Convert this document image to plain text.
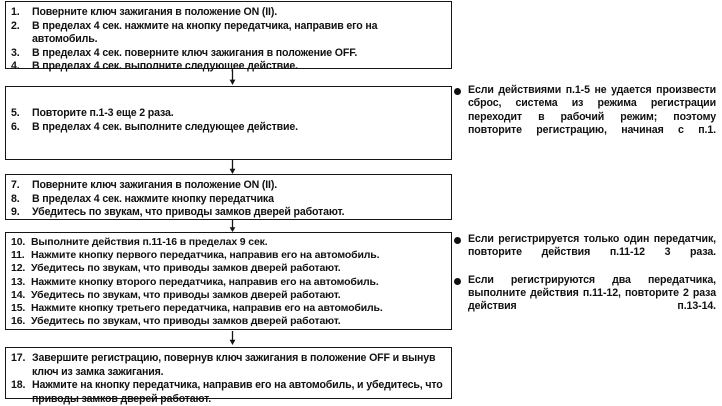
1.	Поверните ключ зажигания в положение ON (II).
2.	В пределах 4 сек. нажмите на кнопку передатчика, направив его на автомобиль.
3.	В пределах 4 сек. поверните ключ зажигания в положение OFF.
4.	В пределах 4 сек. выполните следующее действие.
5.	Повторите п.1-3 еще 2 раза.
6.	В пределах 4 сек. выполните следующее действие.
7.	Поверните ключ зажигания в положение ON (II).
8.	В пределах 4 сек. нажмите кнопку передатчика
9.	Убедитесь по звукам, что приводы замков дверей работают.
10. Выполните действия п.11-16 в пределах 9 сек.
11. Нажмите кнопку первого передатчика, направив его на автомобиль.
12. Убедитесь по звукам, что приводы замков дверей работают.
13. Нажмите кнопку второго передатчика, направив его на автомобиль.
14. Убедитесь по звукам, что приводы замков дверей работают.
15. Нажмите кнопку третьего передатчика, направив его на автомобиль.
16. Убедитесь по звукам, что приводы замков дверей работают.
17. Завершите регистрацию, повернув ключ зажигания в положение OFF и вынув ключ из замка зажигания.
18. Нажмите на кнопку передатчика, направив его на автомобиль, и убедитесь, что приводы замков дверей работают.
Если действиями п.1-5 не удается произвести сброс, система из режима регистрации переходит в рабочий режим; поэтому повторите регистрацию, начиная с п.1.
Если регистрируется только один передатчик, повторите действия п.11-12 3 раза.
Если регистрируются два передатчика, выполните действия п.11-12, повторите 2 раза действия п.13-14.
